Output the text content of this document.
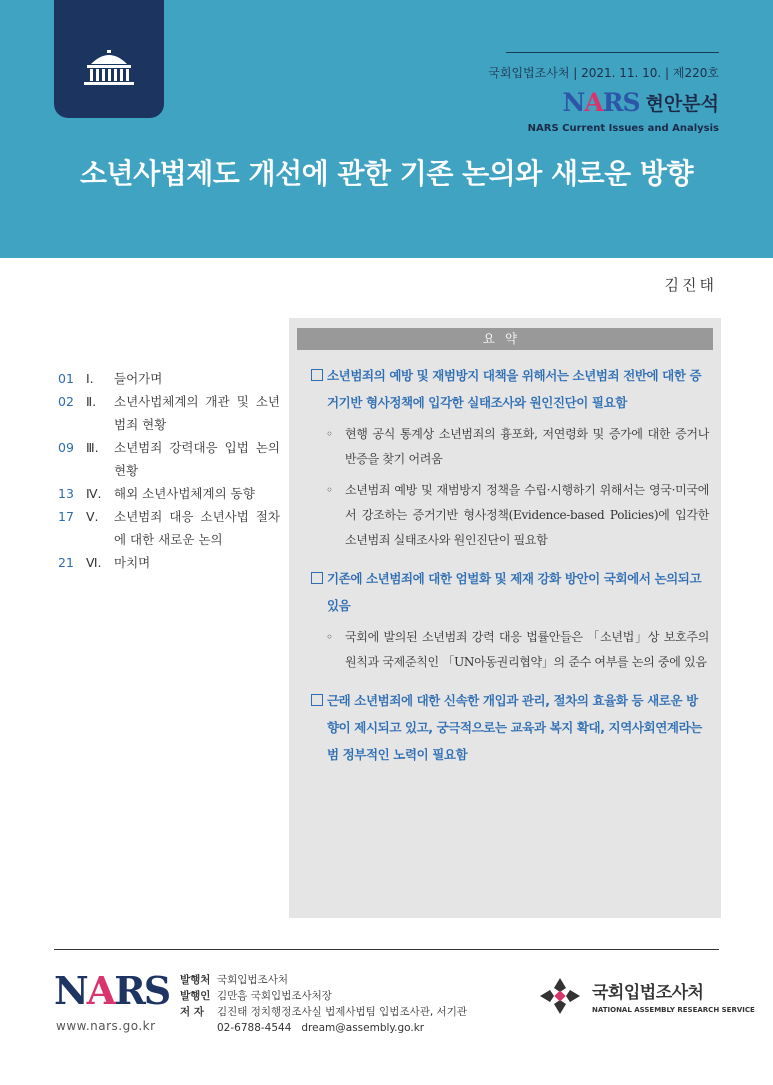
국회입법조사처 | 2021. 11. 10. | 제220호
NARS 현안분석
NARS Current Issues and Analysis
소년사법제도 개선에 관한 기존 논의와 새로운 방향
김진태
01 Ⅰ.	들어가며
02 Ⅱ.	소년사법체계의 개관 및 소년범죄 현황
09 Ⅲ.	소년범죄 강력대응 입법 논의 현황
13 Ⅳ. 해외 소년사법체계의 동향
17 Ⅴ.	소년범죄 대응 소년사법 절차에 대한 새로운 논의
21 Ⅵ. 마치며
요약
소년범죄의 예방 및 재범방지 대책을 위해서는 소년범죄 전반에 대한 증거기반 형사정책에 입각한 실태조사와 원인진단이 필요함
◦ 현행 공식 통계상 소년범죄의 흉포화, 저연령화 및 증가에 대한 증거나 반증을 찾기 어려움
◦ 소년범죄 예방 및 재범방지 정책을 수립·시행하기 위해서는 영국·미국에서 강조하는 증거기반 형사정책(Evidence-based Policies)에 입각한 소년범죄 실태조사와 원인진단이 필요함
기존에 소년범죄에 대한 엄벌화 및 제재 강화 방안이 국회에서 논의되고 있음
◦ 국회에 발의된 소년범죄 강력 대응 법률안들은 「소년법」상 보호주의 원칙과 국제준칙인 「UN아동권리협약」의 준수 여부를 논의 중에 있음
근래 소년범죄에 대한 신속한 개입과 관리, 절차의 효율화 등 새로운 방향이 제시되고 있고, 궁극적으로는 교육과 복지 확대, 지역사회연계라는 범 정부적인 노력이 필요함
NARS
www.nars.go.kr
발행처 국회입법조사처
발행인 김만흠 국회입법조사처장
저 자	김진태 정치행정조사실 법제사법팀 입법조사관, 서기관
02-6788-4544   dream@assembly.go.kr
국회입법조사처
NATIONAL ASSEMBLY RESEARCH SERVICE
